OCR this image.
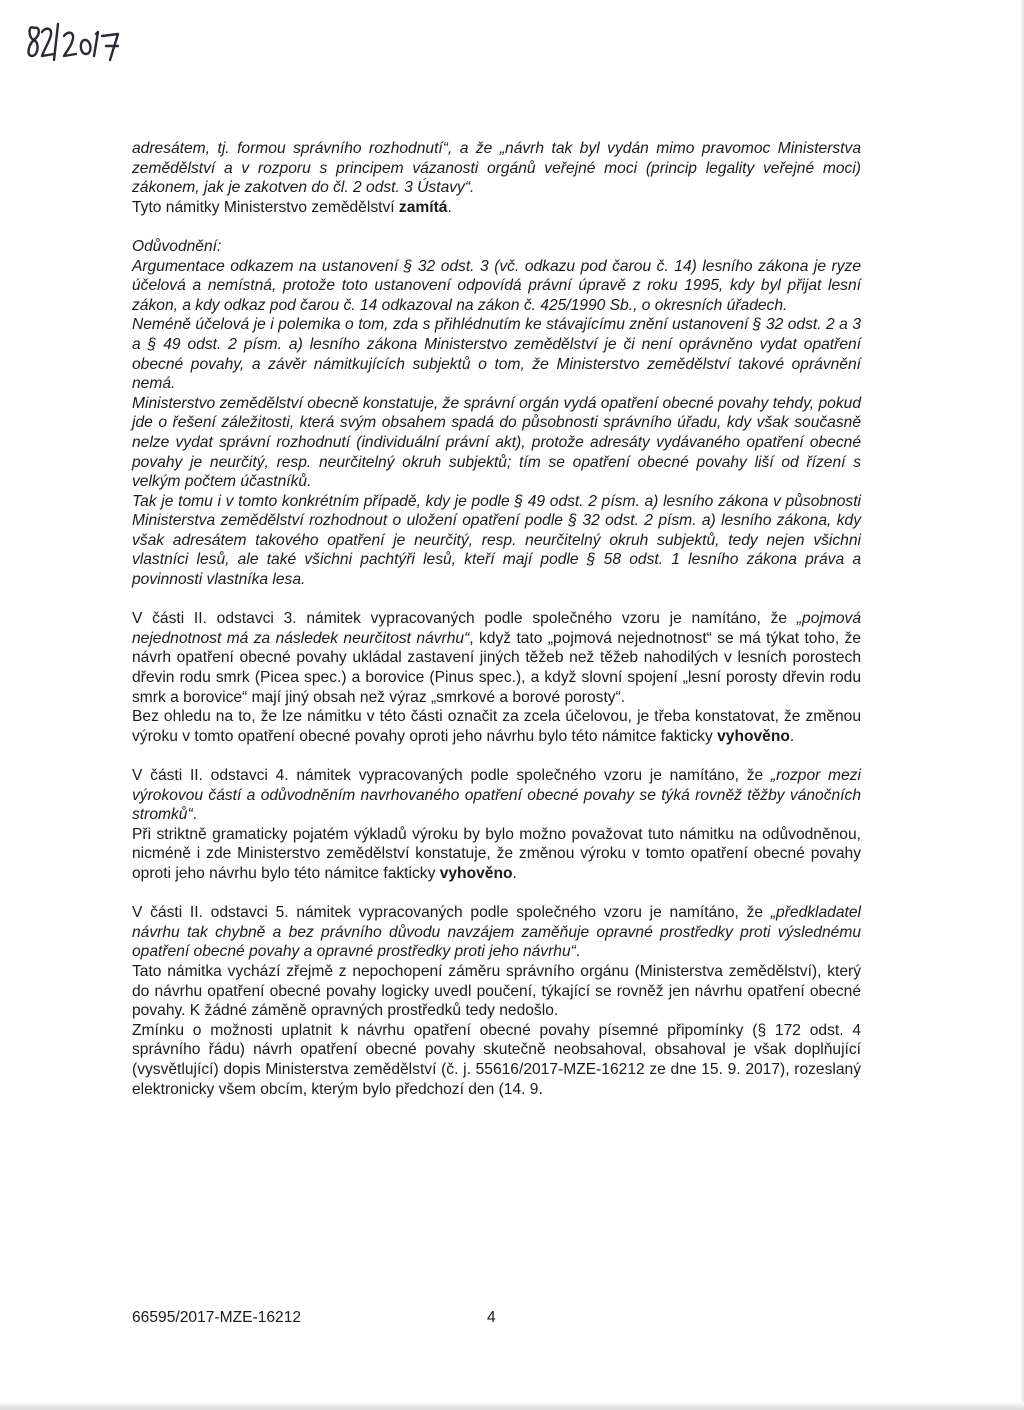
adresátem, tj. formou správního rozhodnutí“, a že „návrh tak byl vydán mimo pravomoc Ministerstva zemědělství a v rozporu s principem vázanosti orgánů veřejné moci (princip legality veřejné moci) zákonem, jak je zakotven do čl. 2 odst. 3 Ústavy“.

Tyto námitky Ministerstvo zemědělství zamítá.

Odůvodnění:

Argumentace odkazem na ustanovení § 32 odst. 3 (vč. odkazu pod čarou č. 14) lesního zákona je ryze účelová a nemístná, protože toto ustanovení odpovídá právní úpravě z roku 1995, kdy byl přijat lesní zákon, a kdy odkaz pod čarou č. 14 odkazoval na zákon č. 425/1990 Sb., o okresních úřadech.

Neméně účelová je i polemika o tom, zda s přihlédnutím ke stávajícímu znění ustanovení § 32 odst. 2 a 3 a § 49 odst. 2 písm. a) lesního zákona Ministerstvo zemědělství je či není oprávněno vydat opatření obecné povahy, a závěr námitkujících subjektů o tom, že Ministerstvo zemědělství takové oprávnění nemá.

Ministerstvo zemědělství obecně konstatuje, že správní orgán vydá opatření obecné povahy tehdy, pokud jde o řešení záležitosti, která svým obsahem spadá do působnosti správního úřadu, kdy však současně nelze vydat správní rozhodnutí (individuální právní akt), protože adresáty vydávaného opatření obecné povahy je neurčitý, resp. neurčitelný okruh subjektů; tím se opatření obecné povahy liší od řízení s velkým počtem účastníků.

Tak je tomu i v tomto konkrétním případě, kdy je podle § 49 odst. 2 písm. a) lesního zákona v působnosti Ministerstva zemědělství rozhodnout o uložení opatření podle § 32 odst. 2 písm. a) lesního zákona, kdy však adresátem takového opatření je neurčitý, resp. neurčitelný okruh subjektů, tedy nejen všichni vlastníci lesů, ale také všichni pachtýři lesů, kteří mají podle § 58 odst. 1 lesního zákona práva a povinnosti vlastníka lesa.

V části II. odstavci 3. námitek vypracovaných podle společného vzoru je namítáno, že „pojmová nejednotnost má za následek neurčitost návrhu“, když tato „pojmová nejednotnost“ se má týkat toho, že návrh opatření obecné povahy ukládal zastavení jiných těžeb než těžeb nahodilých v lesních porostech dřevin rodu smrk (Picea spec.) a borovice (Pinus spec.), a když slovní spojení „lesní porosty dřevin rodu smrk a borovice“ mají jiný obsah než výraz „smrkové a borové porosty“.

Bez ohledu na to, že lze námitku v této části označit za zcela účelovou, je třeba konstatovat, že změnou výroku v tomto opatření obecné povahy oproti jeho návrhu bylo této námitce fakticky vyhověno.

V části II. odstavci 4. námitek vypracovaných podle společného vzoru je namítáno, že „rozpor mezi výrokovou částí a odůvodněním navrhovaného opatření obecné povahy se týká rovněž těžby vánočních stromků“.

Při striktně gramaticky pojatém výkladů výroku by bylo možno považovat tuto námitku na odůvodněnou, nicméně i zde Ministerstvo zemědělství konstatuje, že změnou výroku v tomto opatření obecné povahy oproti jeho návrhu bylo této námitce fakticky vyhověno.

V části II. odstavci 5. námitek vypracovaných podle společného vzoru je namítáno, že „předkladatel návrhu tak chybně a bez právního důvodu navzájem zaměňuje opravné prostředky proti výslednému opatření obecné povahy a opravné prostředky proti jeho návrhu“.

Tato námitka vychází zřejmě z nepochopení záměru správního orgánu (Ministerstva zemědělství), který do návrhu opatření obecné povahy logicky uvedl poučení, týkající se rovněž jen návrhu opatření obecné povahy. K žádné záměně opravných prostředků tedy nedošlo.

Zmínku o možnosti uplatnit k návrhu opatření obecné povahy písemné připomínky (§ 172 odst. 4 správního řádu) návrh opatření obecné povahy skutečně neobsahoval, obsahoval je však doplňující (vysvětlující) dopis Ministerstva zemědělství (č. j. 55616/2017-MZE-16212 ze dne 15. 9. 2017), rozeslaný elektronicky všem obcím, kterým bylo předchozí den (14. 9.

66595/2017-MZE-16212	4
